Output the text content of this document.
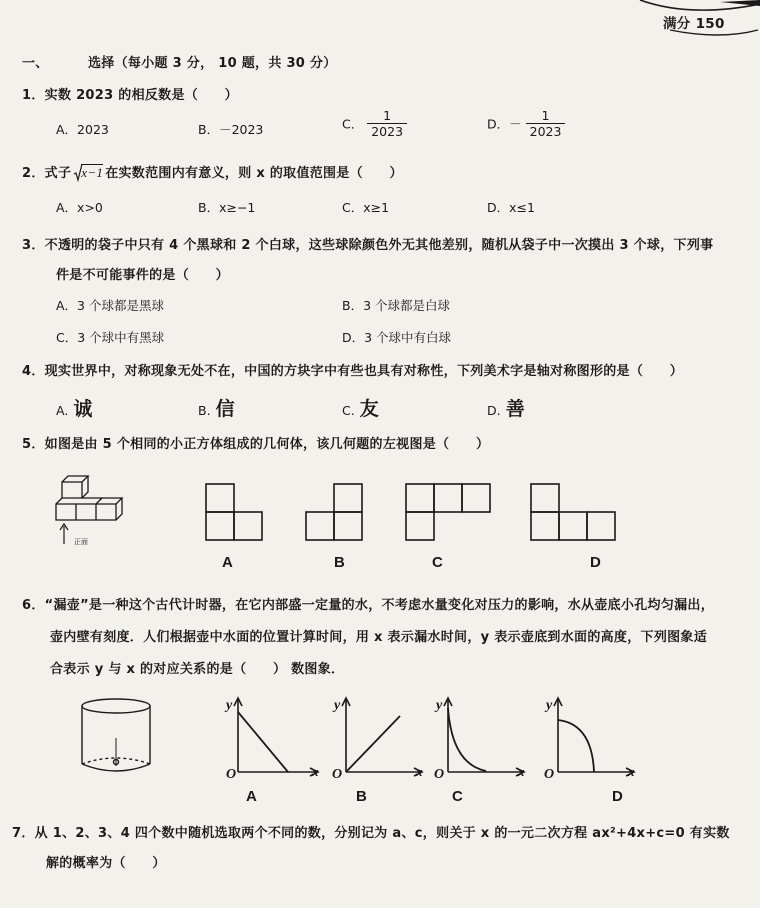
满分 150
一、	选择（每小题 3 分， 10 题，共 30 分）
1．实数 2023 的相反数是（　　）
A．2023	B．－2023	C． $\frac{1}{2023}$	D．－ $\frac{1}{2023}$
2．式子 x−1 在实数范围内有意义，则 x 的取值范围是（　　）
A．x>0	B．x≥−1	C．x≥1	D．x≤1
3．不透明的袋子中只有 4 个黑球和 2 个白球，这些球除颜色外无其他差别，随机从袋子中一次摸出 3 个球，下列事
件是不可能事件的是（　　）
A．3 个球都是黑球	B．3 个球都是白球
C．3 个球中有黑球	D．3 个球中有白球
4．现实世界中，对称现象无处不在，中国的方块字中有些也具有对称性，下列美术字是轴对称图形的是（　　）
A. 诚	B. 信	C. 友	D. 善
5．如图是由 5 个相同的小正方体组成的几何体，该几何题的左视图是（　　）
正面
A	B	C	D
6．“漏壶”是一种这个古代计时器，在它内部盛一定量的水，不考虑水量变化对压力的影响，水从壶底小孔均匀漏出，
壶内壁有刻度．人们根据壶中水面的位置计算时间，用 x 表示漏水时间，y 表示壶底到水面的高度，下列图象适
合表示 y 与 x 的对应关系的是（　　） 数图象．
y
O	x
y
O	x
y
O	x
y
O	x
A	B	C	D
7．从 1、2、3、4 四个数中随机选取两个不同的数，分别记为 a、c，则关于 x 的一元二次方程 ax²+4x+c=0 有实数
解的概率为（　　）
